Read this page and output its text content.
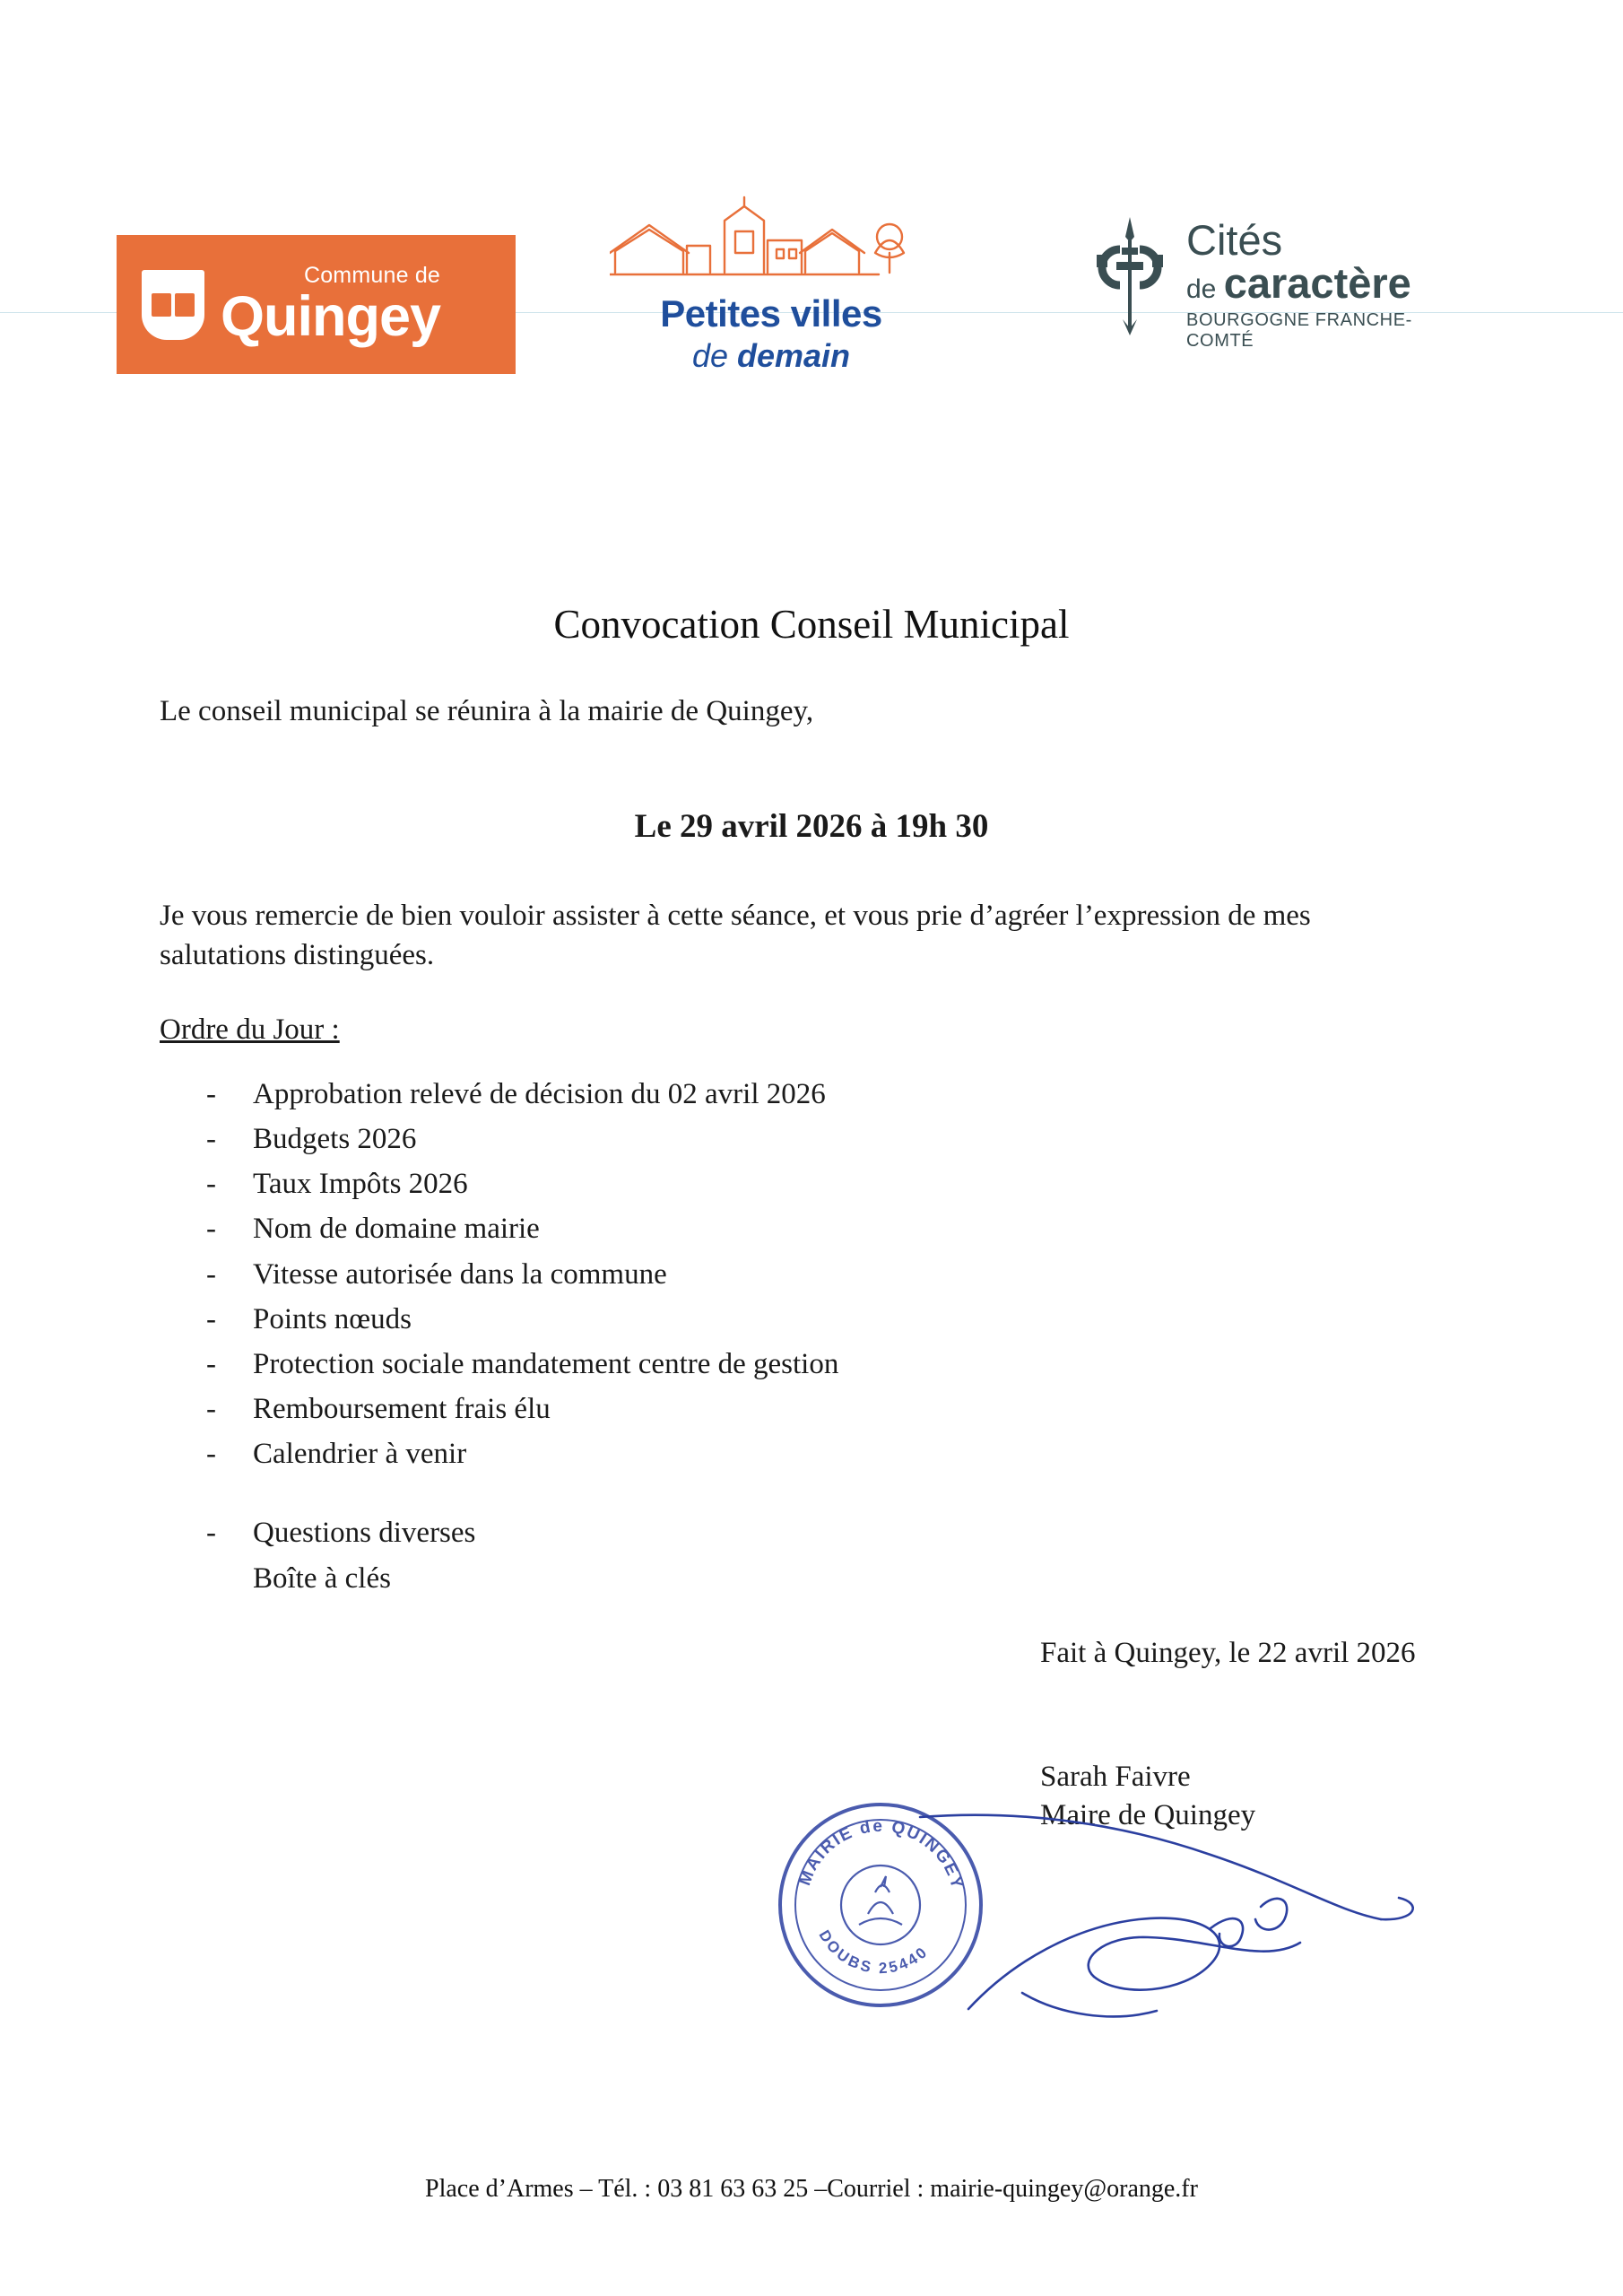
Commune de
Quingey	Petites villes
de demain
Cités
de caractère
BOURGOGNE FRANCHE-COMTÉ
Convocation Conseil Municipal
Le conseil municipal se réunira à la mairie de Quingey,
Le 29 avril 2026 à 19h 30
Je vous remercie de bien vouloir assister à cette séance, et vous prie d’agréer l’expression de mes salutations distinguées.
Ordre du Jour :
-	Approbation relevé de décision du 02 avril 2026
-	Budgets 2026
-	Taux Impôts 2026
-	Nom de domaine mairie
-	Vitesse autorisée dans la commune
-	Points nœuds
-	Protection sociale mandatement centre de gestion
-	Remboursement frais élu
-	Calendrier à venir
-	Questions diverses
Boîte à clés
Fait à Quingey, le 22 avril 2026
Sarah Faivre
Maire de Quingey
MAIRIE de QUINGEY
DOUBS 25440
Place d’Armes – Tél. : 03 81 63 63 25 –Courriel : mairie-quingey@orange.fr
